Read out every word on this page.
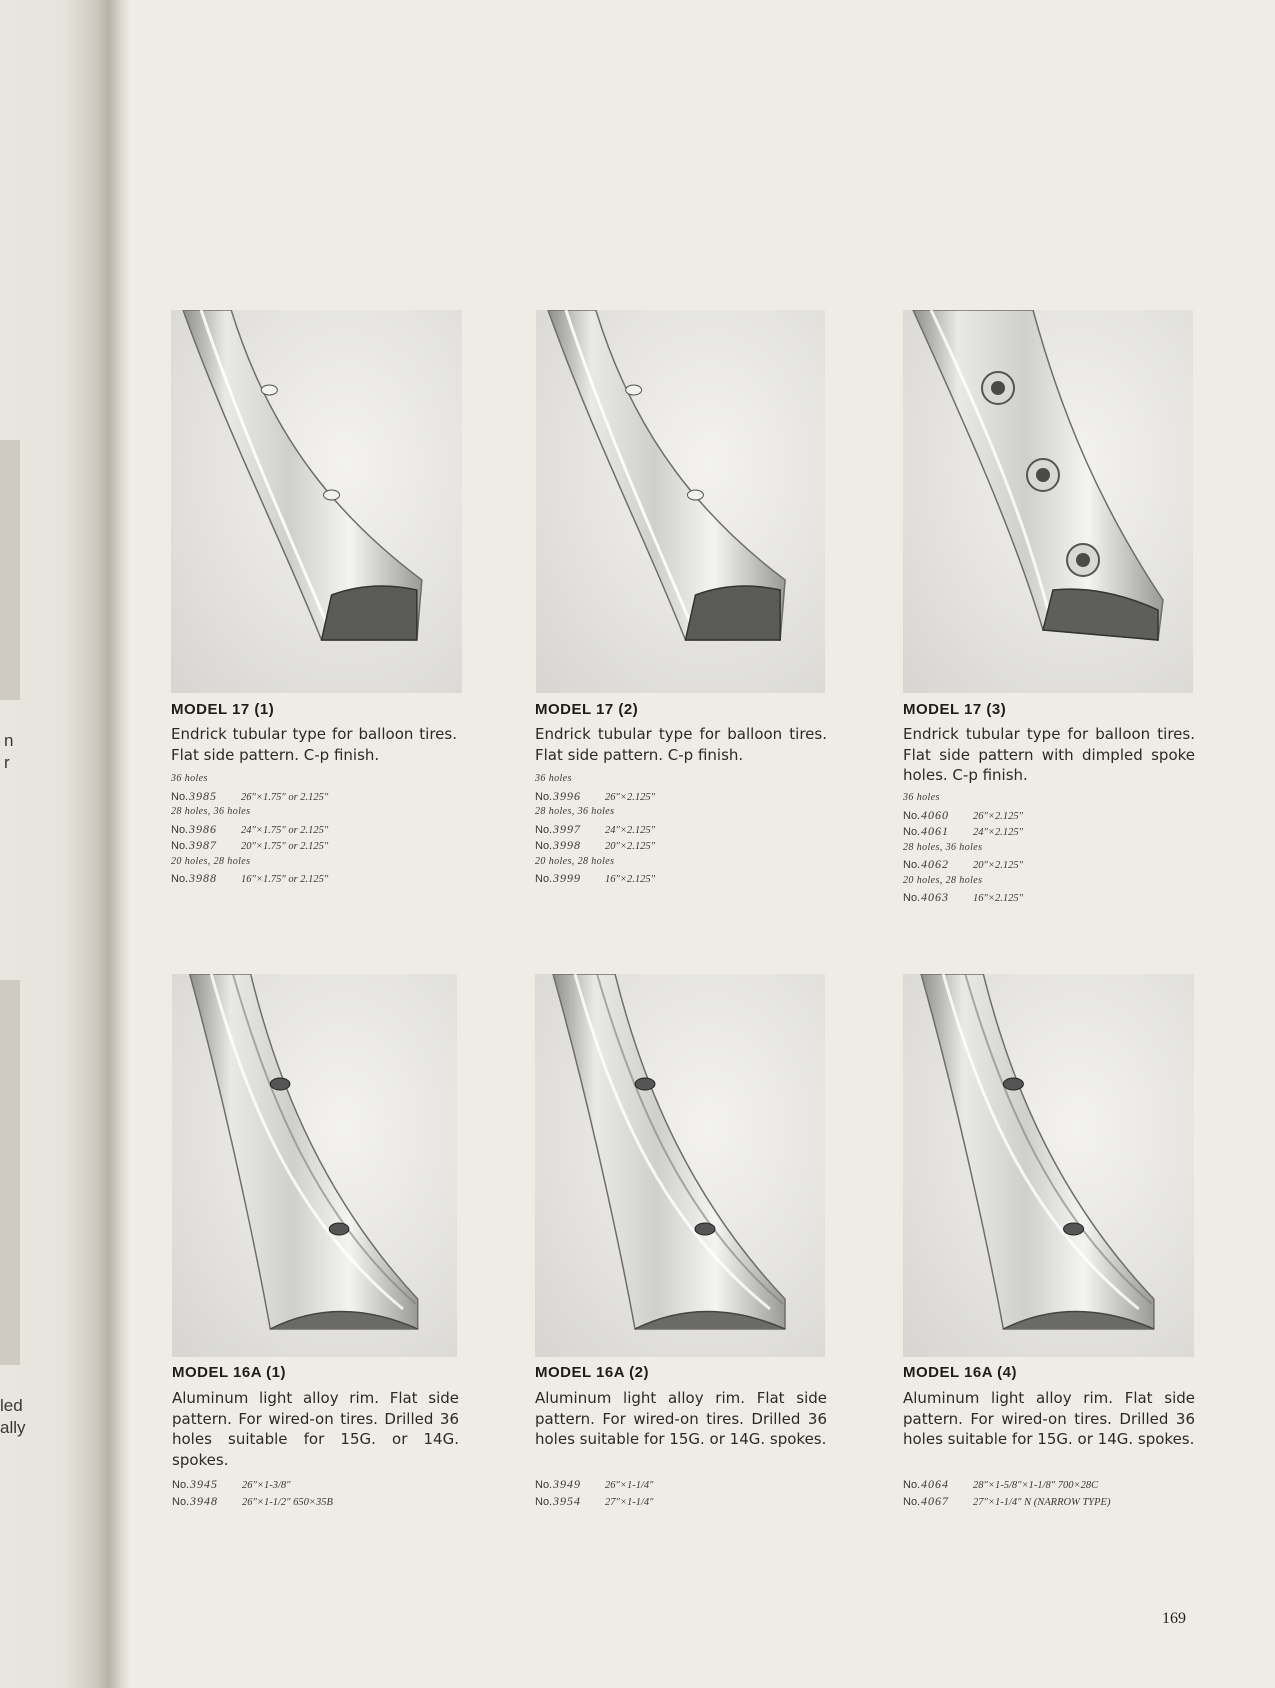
n
r
led
ally
MODEL 17 (1)
Endrick tubular type for balloon tires. Flat side pattern. C-p finish.
36 holes
No.3985 26″×1.75″ or 2.125″
28 holes, 36 holes
No.3986 24″×1.75″ or 2.125″
No.3987 20″×1.75″ or 2.125″
20 holes, 28 holes
No.3988 16″×1.75″ or 2.125″
MODEL 17 (2)
Endrick tubular type for balloon tires. Flat side pattern. C-p finish.
36 holes
No.3996 26″×2.125″
28 holes, 36 holes
No.3997 24″×2.125″
No.3998 20″×2.125″
20 holes, 28 holes
No.3999 16″×2.125″
MODEL 17 (3)
Endrick tubular type for balloon tires. Flat side pattern with dimpled spoke holes. C-p finish.
36 holes
No.4060 26″×2.125″
No.4061 24″×2.125″
28 holes, 36 holes
No.4062 20″×2.125″
20 holes, 28 holes
No.4063 16″×2.125″
MODEL 16A (1)
Aluminum light alloy rim. Flat side pattern. For wired-on tires. Drilled 36 holes suitable for 15G. or 14G. spokes.
No.3945 26″×1-3/8″
No.3948 26″×1-1/2″ 650×35B
MODEL 16A (2)
Aluminum light alloy rim. Flat side pattern. For wired-on tires. Drilled 36 holes suitable for 15G. or 14G. spokes.
No.3949 26″×1-1/4″
No.3954 27″×1-1/4″
MODEL 16A (4)
Aluminum light alloy rim. Flat side pattern. For wired-on tires. Drilled 36 holes suitable for 15G. or 14G. spokes.
No.4064 28″×1-5/8″×1-1/8″ 700×28C
No.4067 27″×1-1/4″ N (NARROW TYPE)
169
